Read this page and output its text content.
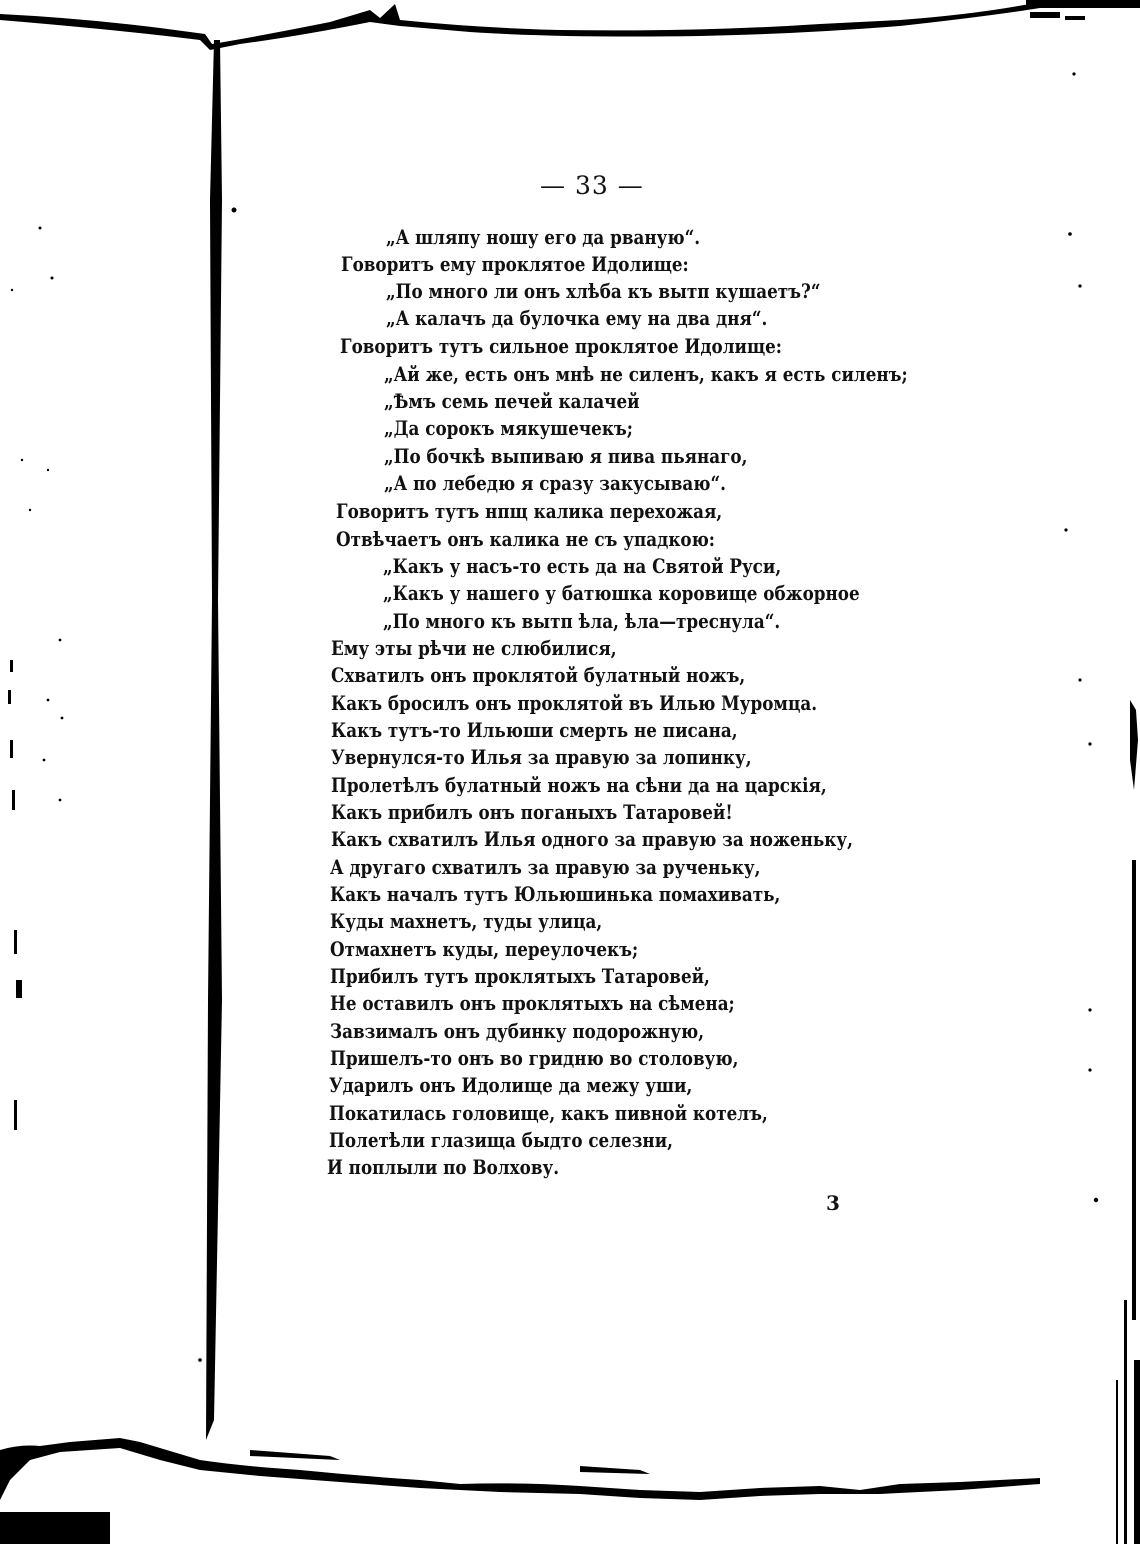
— 33 —
„А шляпу ношу его да рваную“.
Говоритъ ему проклятое Идолище:
„По много ли онъ хлѣба къ вытп кушаетъ?“
„А калачъ да булочка ему на два дня“.
Говоритъ тутъ сильное проклятое Идолище:
„Ай же, есть онъ мнѣ не силенъ, какъ я есть силенъ;
„Ѣмъ семь печей калачей
„Да сорокъ мякушечекъ;
„По бочкѣ выпиваю я пива пьянаго,
„А по лебедю я сразу закусываю“.
Говоритъ тутъ нпщ калика перехожая,
Отвѣчаетъ онъ калика не съ упадкою:
„Какъ у насъ-то есть да на Святой Руси,
„Какъ у нашего у батюшка коровище обжорное
„По много къ вытп ѣла, ѣла—треснула“.
Ему эты рѣчи не слюбилися,
Схватилъ онъ проклятой булатный ножъ,
Какъ бросилъ онъ проклятой въ Илью Муромца.
Какъ тутъ-то Ильюши смерть не писана,
Увернулся-то Илья за правую за лопинку,
Пролетѣлъ булатный ножъ на сѣни да на царскія,
Какъ прибилъ онъ поганыхъ Татаровей!
Какъ схватилъ Илья одного за правую за ноженьку,
А другаго схватилъ за правую за рученьку,
Какъ началъ тутъ Юльюшинька помахивать,
Куды махнетъ, туды улица,
Отмахнетъ куды, переулочекъ;
Прибилъ тутъ проклятыхъ Татаровей,
Не оставилъ онъ проклятыхъ на сѣмена;
Завзималъ онъ дубинку подорожную,
Пришелъ-то онъ во гридню во столовую,
Ударилъ онъ Идолище да межу уши,
Покатилась головище, какъ пивной котелъ,
Полетѣли глазища быдто селезни,
И поплыли по Волхову.
3
